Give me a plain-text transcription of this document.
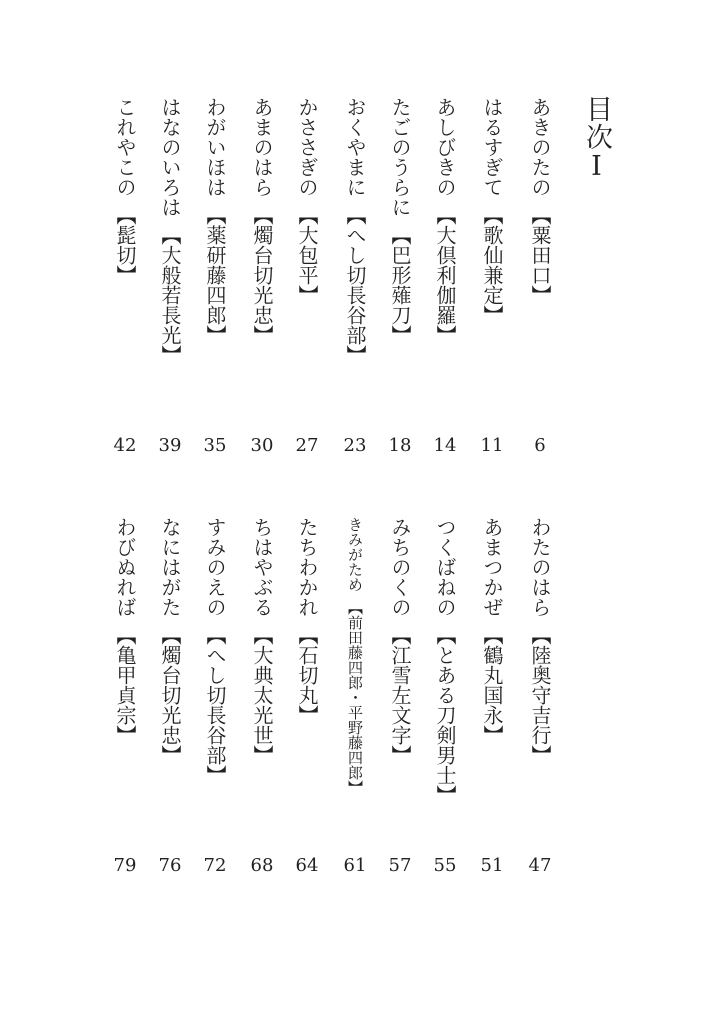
目次Ⅰ
あきのたの【粟田口】
6
はるすぎて【歌仙兼定】
11
あしびきの【大倶利伽羅】
14
たごのうらに【巴形薙刀】
18
おくやまに【へし切長谷部】
23
かささぎの【大包平】
27
あまのはら【燭台切光忠】
30
わがいほは【薬研藤四郎】
35
はなのいろは【大般若長光】
39
これやこの【髭切】
42
わたのはら【陸奥守吉行】
47
あまつかぜ【鶴丸国永】
51
つくばねの【とある刀剣男士】
55
みちのくの【江雪左文字】
57
きみがため【前田藤四郎・平野藤四郎】
61
たちわかれ【石切丸】
64
ちはやぶる【大典太光世】
68
すみのえの【へし切長谷部】
72
なにはがた【燭台切光忠】
76
わびぬれば【亀甲貞宗】
79
